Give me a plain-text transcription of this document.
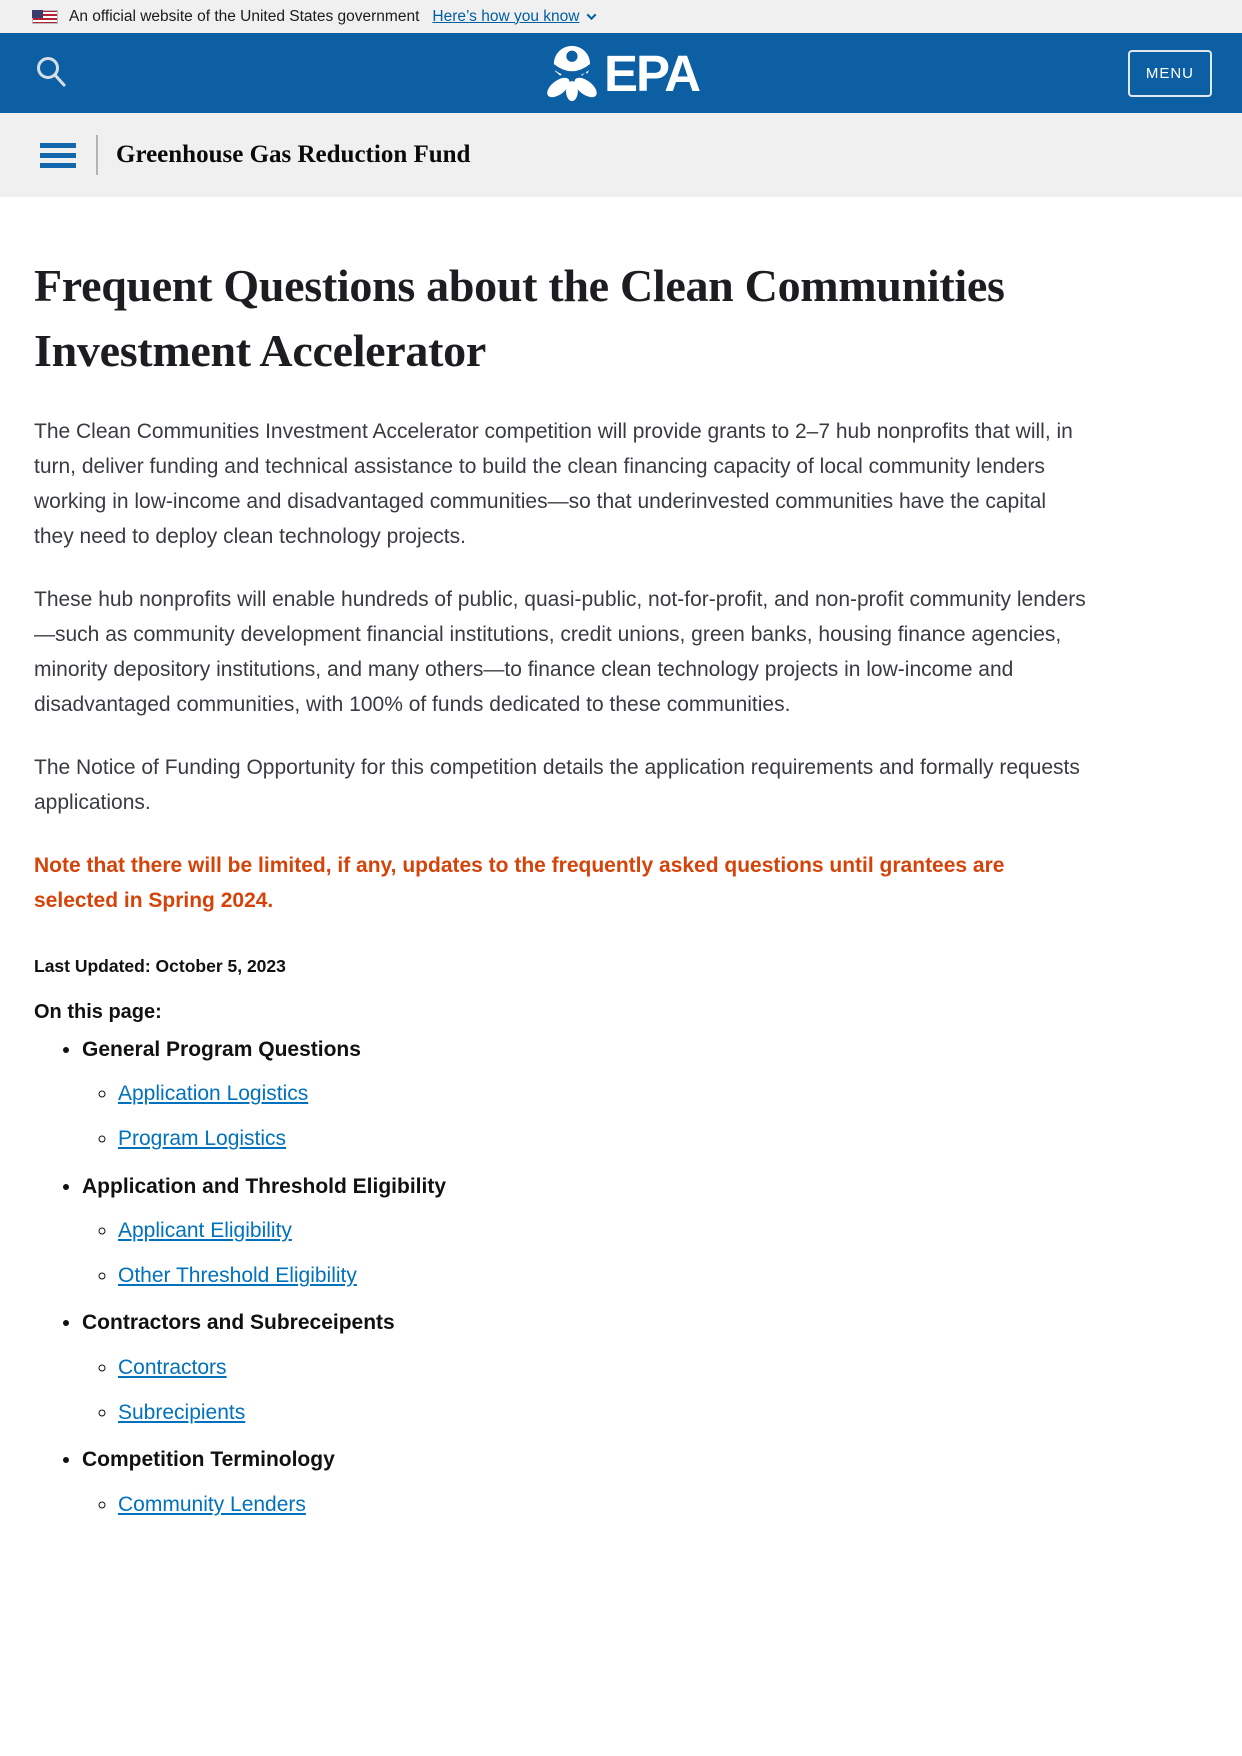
An official website of the United States government Here’s how you know
EPA	MENU
Greenhouse Gas Reduction Fund
Frequent Questions about the Clean Communities Investment Accelerator

The Clean Communities Investment Accelerator competition will provide grants to 2–7 hub nonprofits that will, in turn, deliver funding and technical assistance to build the clean financing capacity of local community lenders working in low-income and disadvantaged communities—so that underinvested communities have the capital they need to deploy clean technology projects.

These hub nonprofits will enable hundreds of public, quasi-public, not-for-profit, and non-profit community lenders—such as community development financial institutions, credit unions, green banks, housing finance agencies, minority depository institutions, and many others—to finance clean technology projects in low-income and disadvantaged communities, with 100% of funds dedicated to these communities.

The Notice of Funding Opportunity for this competition details the application requirements and formally requests applications.

Note that there will be limited, if any, updates to the frequently asked questions until grantees are selected in Spring 2024.

Last Updated: October 5, 2023

On this page:

• General Program Questions
◦ Application Logistics
◦ Program Logistics
• Application and Threshold Eligibility
◦ Applicant Eligibility
◦ Other Threshold Eligibility
• Contractors and Subreceipents
◦ Contractors
◦ Subrecipients
• Competition Terminology
◦ Community Lenders
